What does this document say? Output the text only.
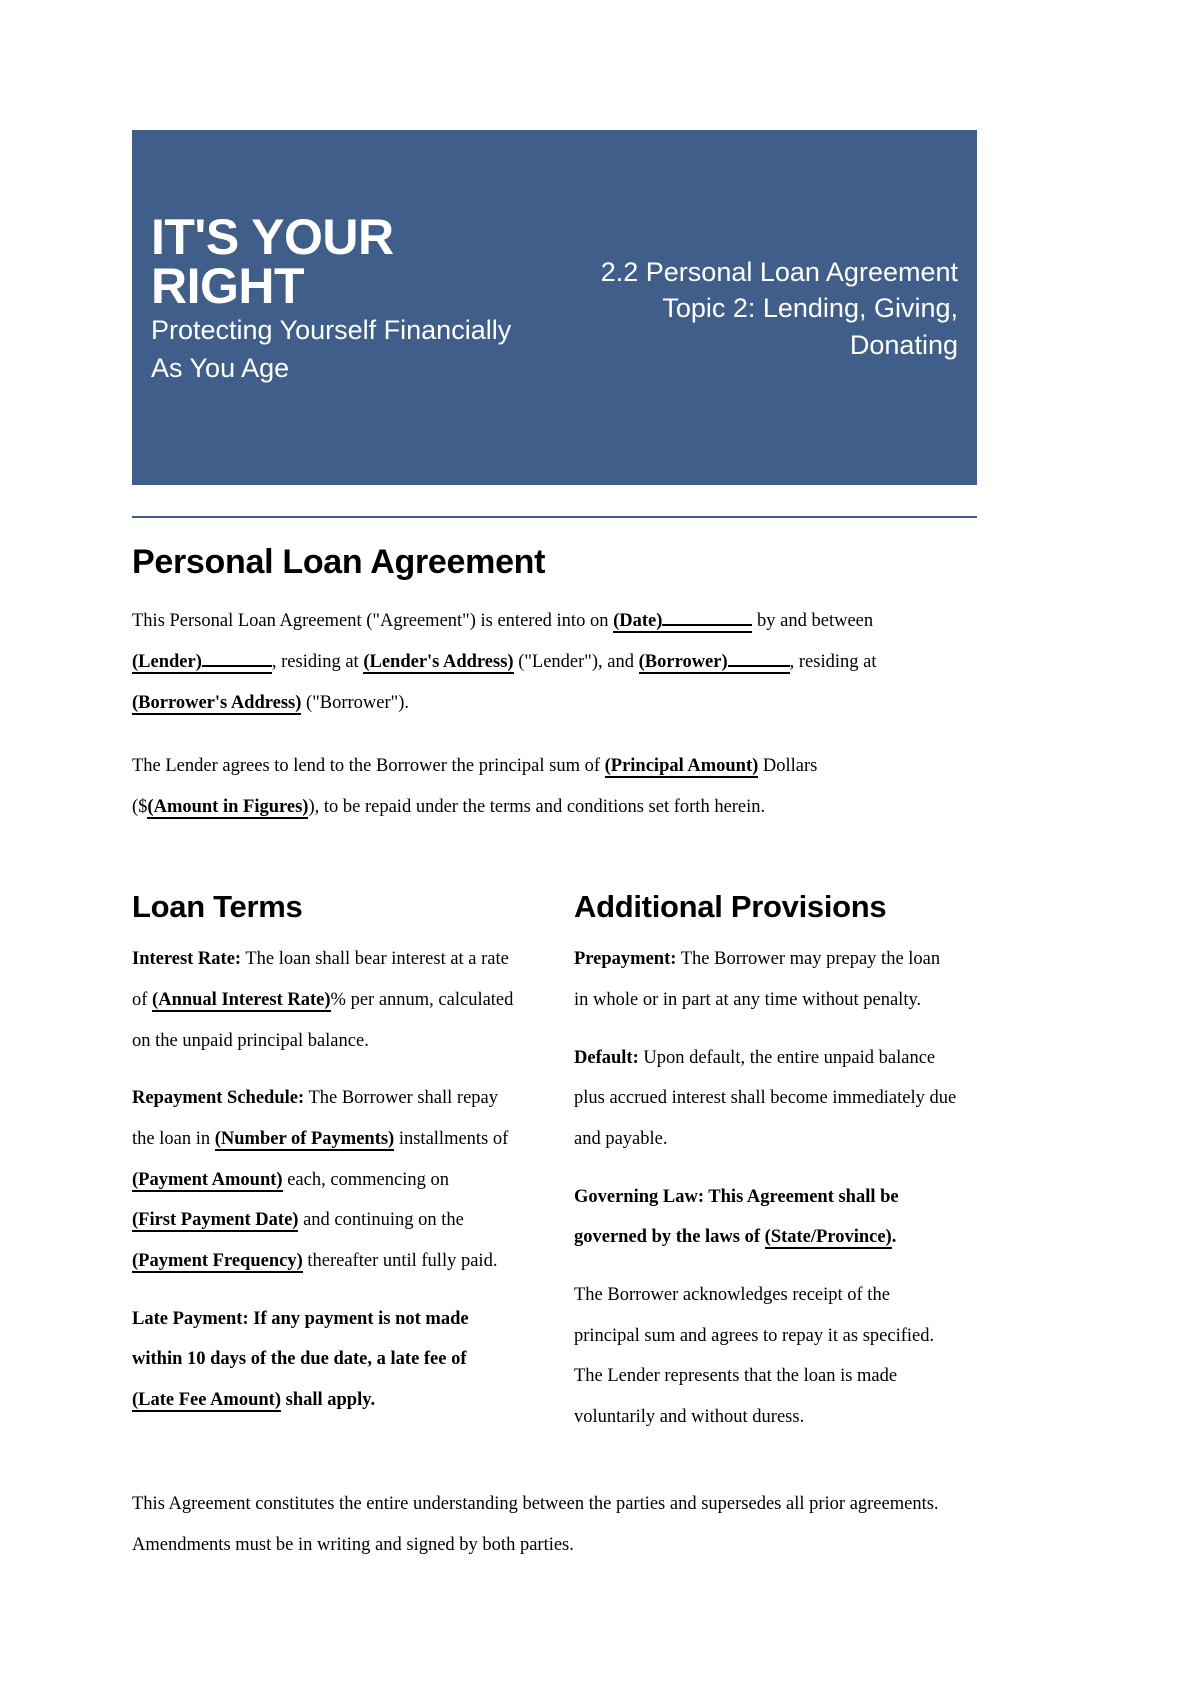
IT'S YOUR
RIGHT
Protecting Yourself Financially
As You Age
2.2 Personal Loan Agreement
Topic 2: Lending, Giving,
Donating
Personal Loan Agreement

This Personal Loan Agreement ("Agreement") is entered into on (Date)	by and between (Lender)	, residing at (Lender's Address) ("Lender"), and (Borrower)	, residing at (Borrower's Address) ("Borrower").

The Lender agrees to lend to the Borrower the principal sum of (Principal Amount) Dollars ($(Amount in Figures)), to be repaid under the terms and conditions set forth herein.

Loan Terms

Interest Rate: The loan shall bear interest at a rate of (Annual Interest Rate)% per annum, calculated on the unpaid principal balance.

Repayment Schedule: The Borrower shall repay the loan in (Number of Payments) installments of (Payment Amount) each, commencing on (First Payment Date) and continuing on the (Payment Frequency) thereafter until fully paid.

Late Payment: If any payment is not made within 10 days of the due date, a late fee of (Late Fee Amount) shall apply.

Additional Provisions

Prepayment: The Borrower may prepay the loan in whole or in part at any time without penalty.

Default: Upon default, the entire unpaid balance plus accrued interest shall become immediately due and payable.

Governing Law: This Agreement shall be governed by the laws of (State/Province).

The Borrower acknowledges receipt of the principal sum and agrees to repay it as specified. The Lender represents that the loan is made voluntarily and without duress.

This Agreement constitutes the entire understanding between the parties and supersedes all prior agreements. Amendments must be in writing and signed by both parties.
